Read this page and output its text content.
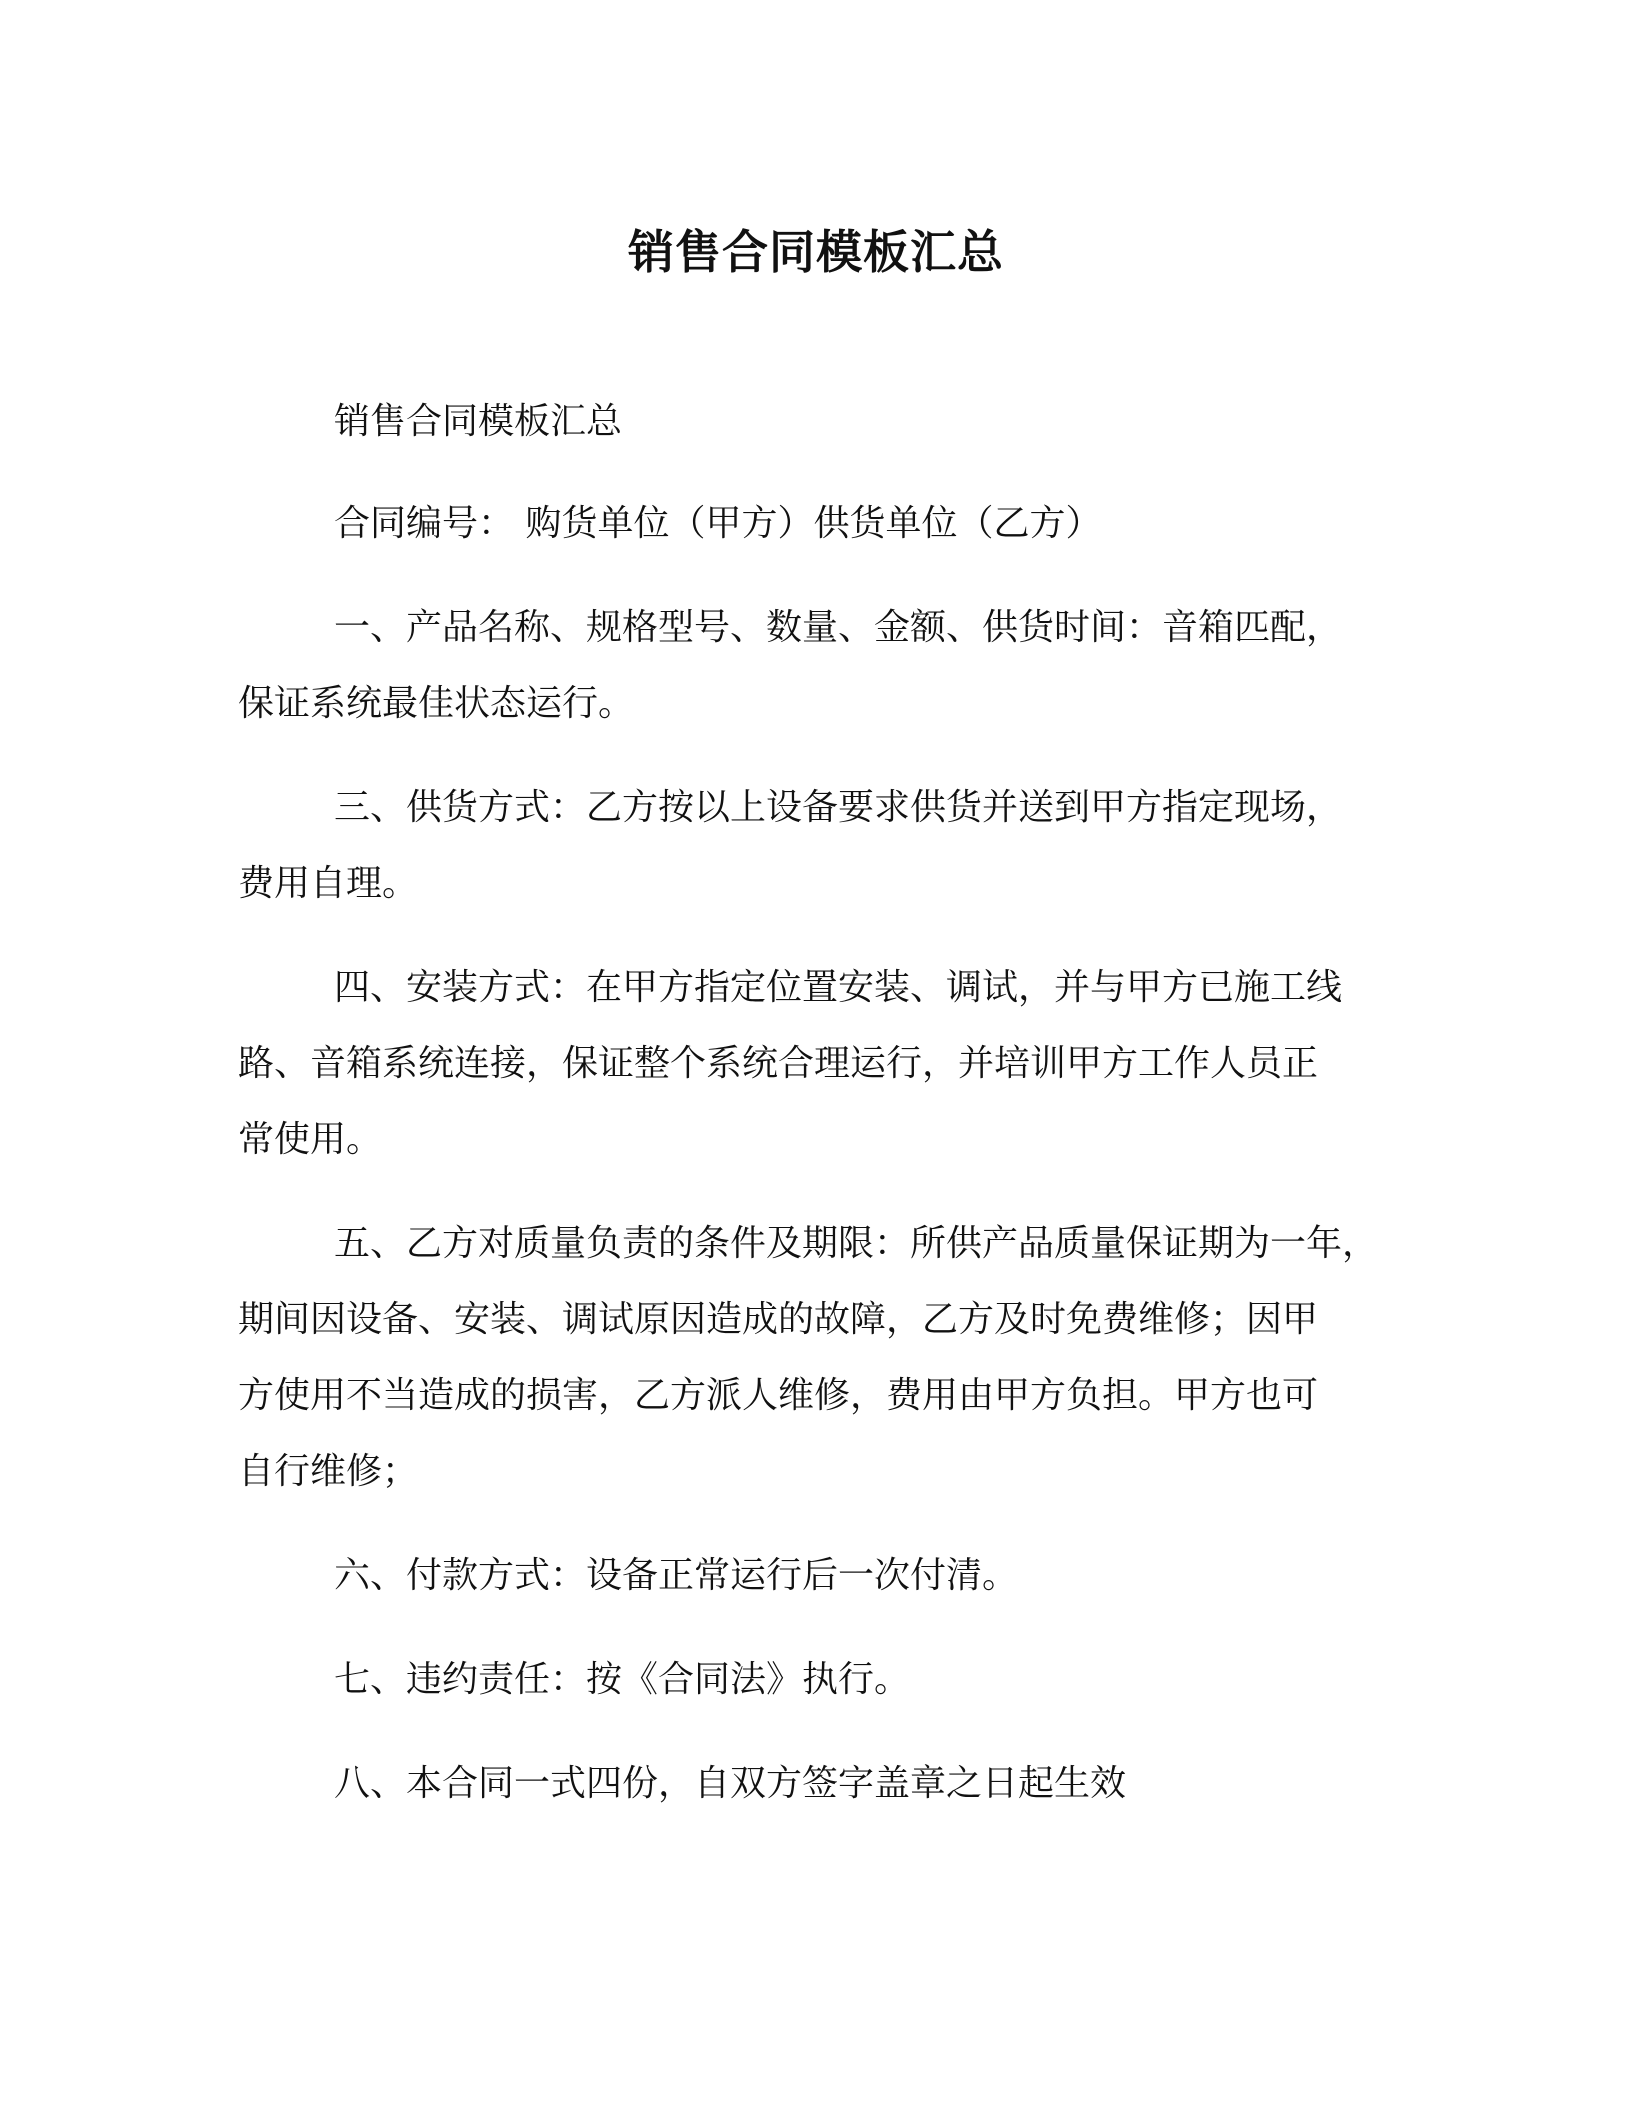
销售合同模板汇总
销售合同模板汇总
合同编号： 购货单位（甲方）供货单位（乙方）
一、产品名称、规格型号、数量、金额、供货时间：音箱匹配，
保证系统最佳状态运行。
三、供货方式：乙方按以上设备要求供货并送到甲方指定现场，
费用自理。
四、安装方式：在甲方指定位置安装、调试，并与甲方已施工线
路、音箱系统连接，保证整个系统合理运行，并培训甲方工作人员正
常使用。
五、乙方对质量负责的条件及期限：所供产品质量保证期为一年，
期间因设备、安装、调试原因造成的故障，乙方及时免费维修；因甲
方使用不当造成的损害，乙方派人维修，费用由甲方负担。甲方也可
自行维修；
六、付款方式：设备正常运行后一次付清。
七、违约责任：按《合同法》执行。
八、本合同一式四份，自双方签字盖章之日起生效
